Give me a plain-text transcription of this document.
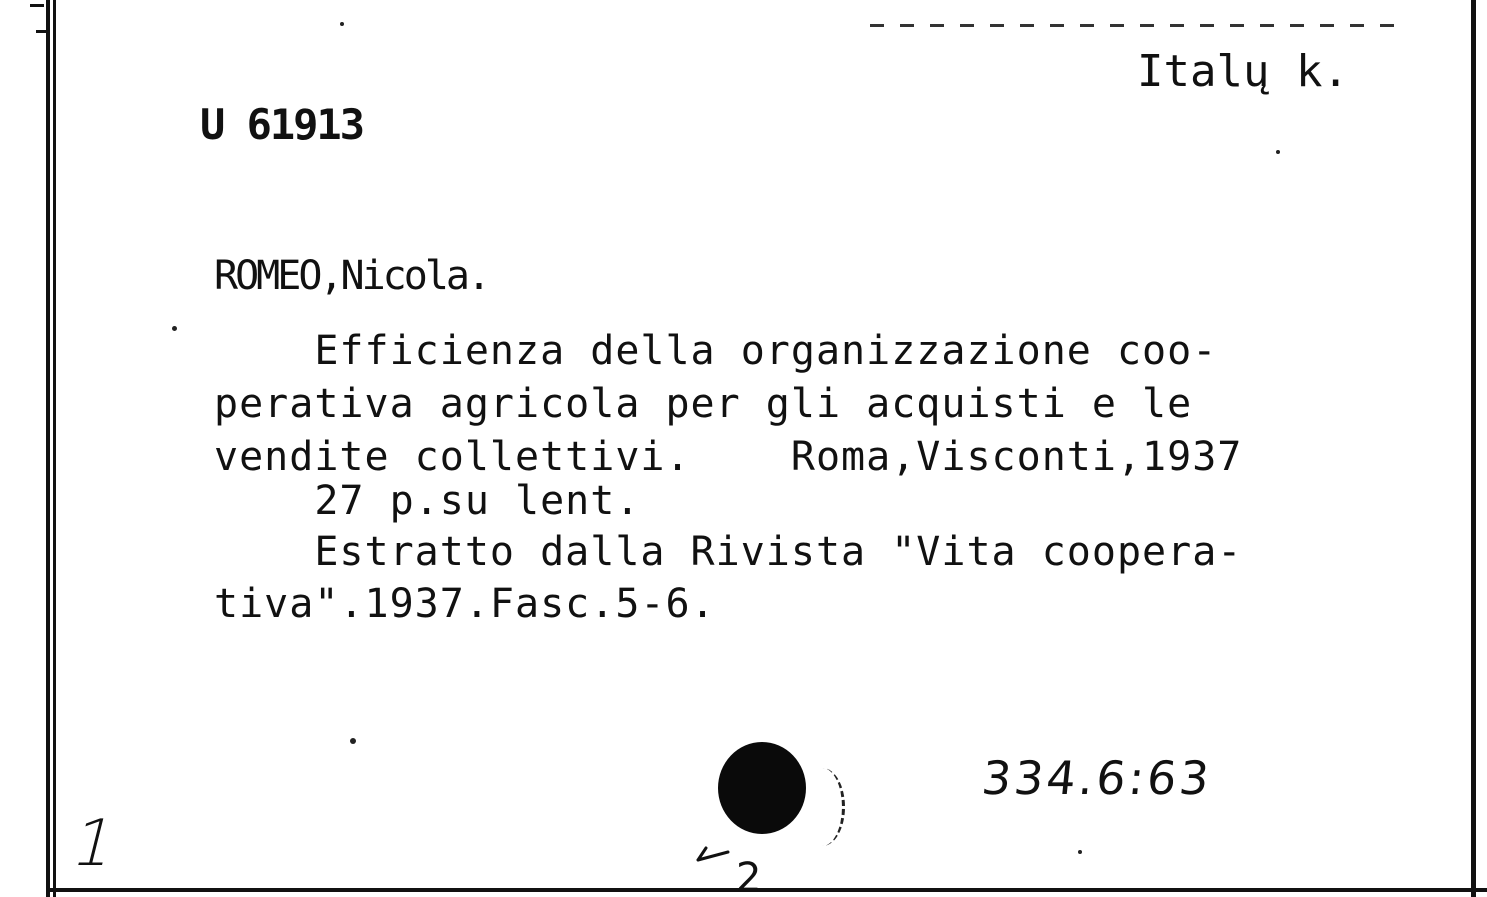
Italų k.
U 61913
ROMEO,Nicola.
Efficienza della organizzazione coo-
perativa agricola per gli acquisti e le
vendite collettivi.    Roma,Visconti,1937
27 p.su lent.
Estratto dalla Rivista "Vita coopera-
tiva".1937.Fasc.5-6.
334.6:63
1	2
